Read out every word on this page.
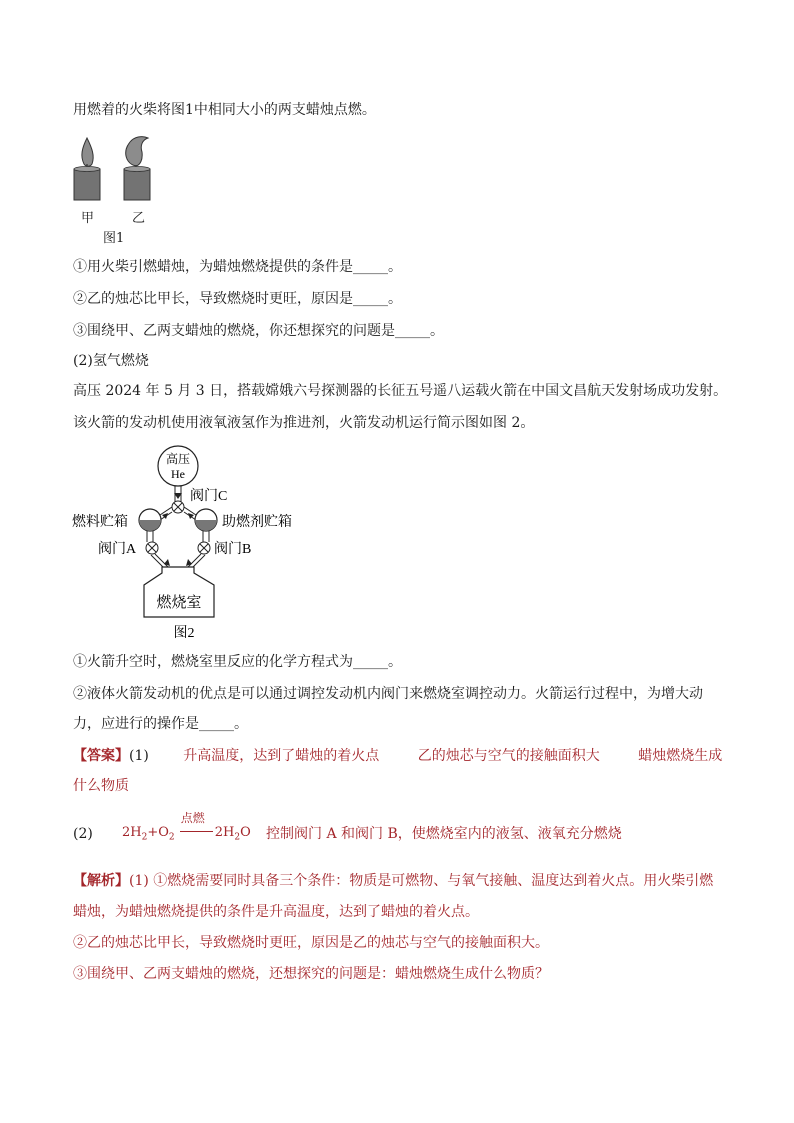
用燃着的火柴将图1中相同大小的两支蜡烛点燃。
甲	乙
图1
①用火柴引燃蜡烛，为蜡烛燃烧提供的条件是_____。
②乙的烛芯比甲长，导致燃烧时更旺，原因是_____。
③围绕甲、乙两支蜡烛的燃烧，你还想探究的问题是_____。
(2)氢气燃烧
高压 2024 年 5 月 3 日，搭载嫦娥六号探测器的长征五号遥八运载火箭在中国文昌航天发射场成功发射。
该火箭的发动机使用液氧液氢作为推进剂，火箭发动机运行简示图如图 2。
高压
He
燃烧室
阀门C
燃料贮箱	助燃剂贮箱
阀门A	阀门B
图2
①火箭升空时，燃烧室里反应的化学方程式为_____。
②液体火箭发动机的优点是可以通过调控发动机内阀门来燃烧室调控动力。火箭运行过程中，为增大动
力，应进行的操作是_____。
【答案】(1) 升高温度，达到了蜡烛的着火点	乙的烛芯与空气的接触面积大	蜡烛燃烧生成
什么物质
(2) $2H_2+O_2$
点燃
$2H_2O$ 控制阀门 A 和阀门 B，使燃烧室内的液氢、液氧充分燃烧
【解析】(1) ①燃烧需要同时具备三个条件：物质是可燃物、与氧气接触、温度达到着火点。用火柴引燃
蜡烛，为蜡烛燃烧提供的条件是升高温度，达到了蜡烛的着火点。
②乙的烛芯比甲长，导致燃烧时更旺，原因是乙的烛芯与空气的接触面积大。
③围绕甲、乙两支蜡烛的燃烧，还想探究的问题是：蜡烛燃烧生成什么物质？
